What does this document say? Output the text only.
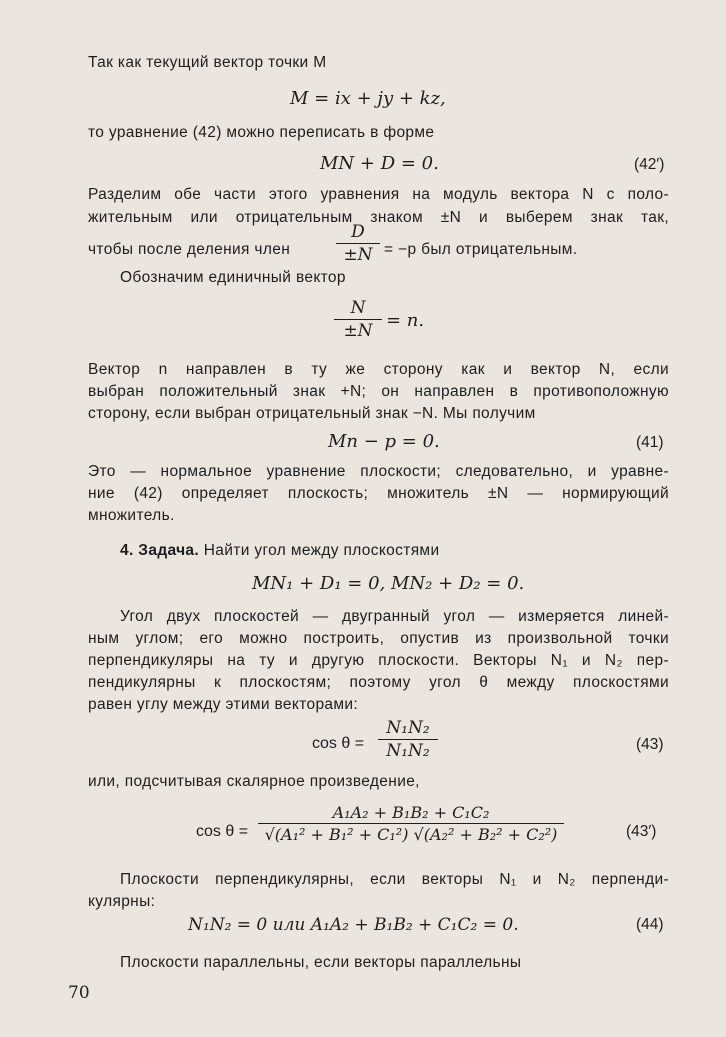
Так как текущий вектор точки M
M = ix + jy + kz,
то уравнение (42) можно переписать в форме
MN + D = 0.	(42′)
Разделим обе части этого уравнения на модуль вектора N с поло-
жительным или отрицательным знаком ±N и выберем знак так,
чтобы после деления член	$\frac{D}{\pm N} = -p$ был отрицательным.
Обозначим единичный вектор
$\frac{N}{\pm N} = n$.
Вектор n направлен в ту же сторону как и вектор N, если
выбран положительный знак +N; он направлен в противоположную
сторону, если выбран отрицательный знак −N. Мы получим
Mn − p = 0.	(41)
Это — нормальное уравнение плоскости; следовательно, и уравне-
ние (42) определяет плоскость; множитель ±N — нормирующий
множитель.
4. Задача. Найти угол между плоскостями
MN₁ + D₁ = 0, MN₂ + D₂ = 0.
Угол двух плоскостей — двугранный угол — измеряется линей-
ным углом; его можно построить, опустив из произвольной точки
перпендикуляры на ту и другую плоскости. Векторы N₁ и N₂ пер-
пендикулярны к плоскостям; поэтому угол θ между плоскостями
равен углу между этими векторами:
$\cos \theta = \frac{\text{N₁N₂}}{\text{N₁N₂}}$	(43)
или, подсчитывая скалярное произведение,
$\cos \theta = \frac{\text{A₁A₂ + B₁B₂ + C₁C₂}}{\text{√(A₁² + B₁² + C₁²) √(A₂² + B₂² + C₂²)}}$	(43′)
Плоскости перпендикулярны, если векторы N₁ и N₂ перпенди-
кулярны:
N₁N₂ = 0 или A₁A₂ + B₁B₂ + C₁C₂ = 0.	(44)
Плоскости параллельны, если векторы параллельны
70
